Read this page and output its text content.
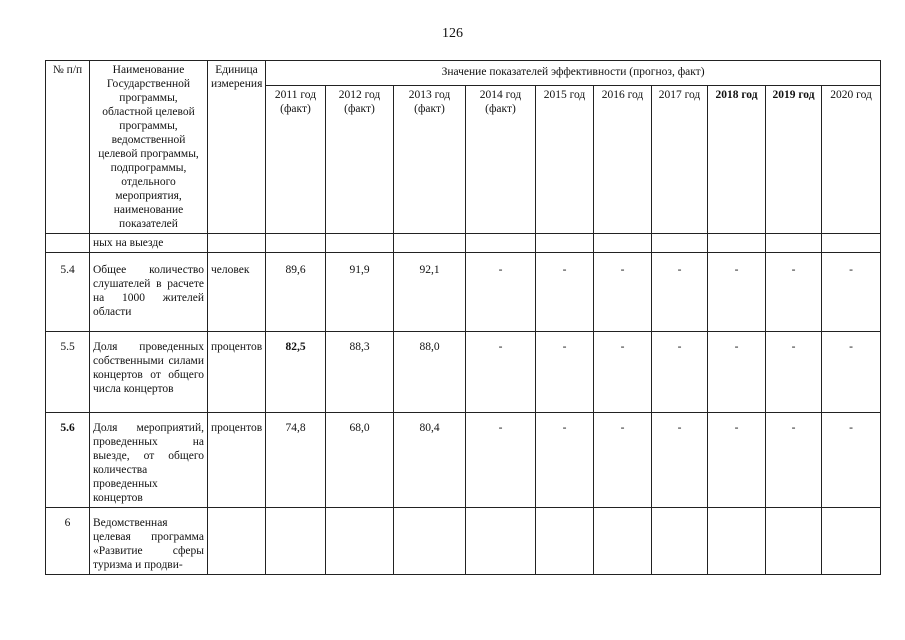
126
№ п/п	Наименование Государственной программы, областной целевой программы, ведомственной целевой программы, подпрограммы, отдельного мероприятия, наименование показателей	Единица измерения	Значение показателей эффективности (прогноз, факт)									
			2011 год (факт)	2012 год (факт)	2013 год (факт)	2014 год (факт)	2015 год	2016 год	2017 год	2018 год	2019 год	2020 год
	ных на выезде											
5.4	Общее количество слушателей в расчете на 1000 жителей области	человек	89,6	91,9	92,1	-	-	-	-	-	-	-
5.5	Доля проведенных собственными силами концертов от общего числа концертов	процентов	82,5	88,3	88,0	-	-	-	-	-	-	-
5.6	Доля мероприятий, проведенных на выезде, от общего количества проведенных концертов	процентов	74,8	68,0	80,4	-	-	-	-	-	-	-
6	Ведомственная целевая программа «Развитие сферы туризма и продви-											
